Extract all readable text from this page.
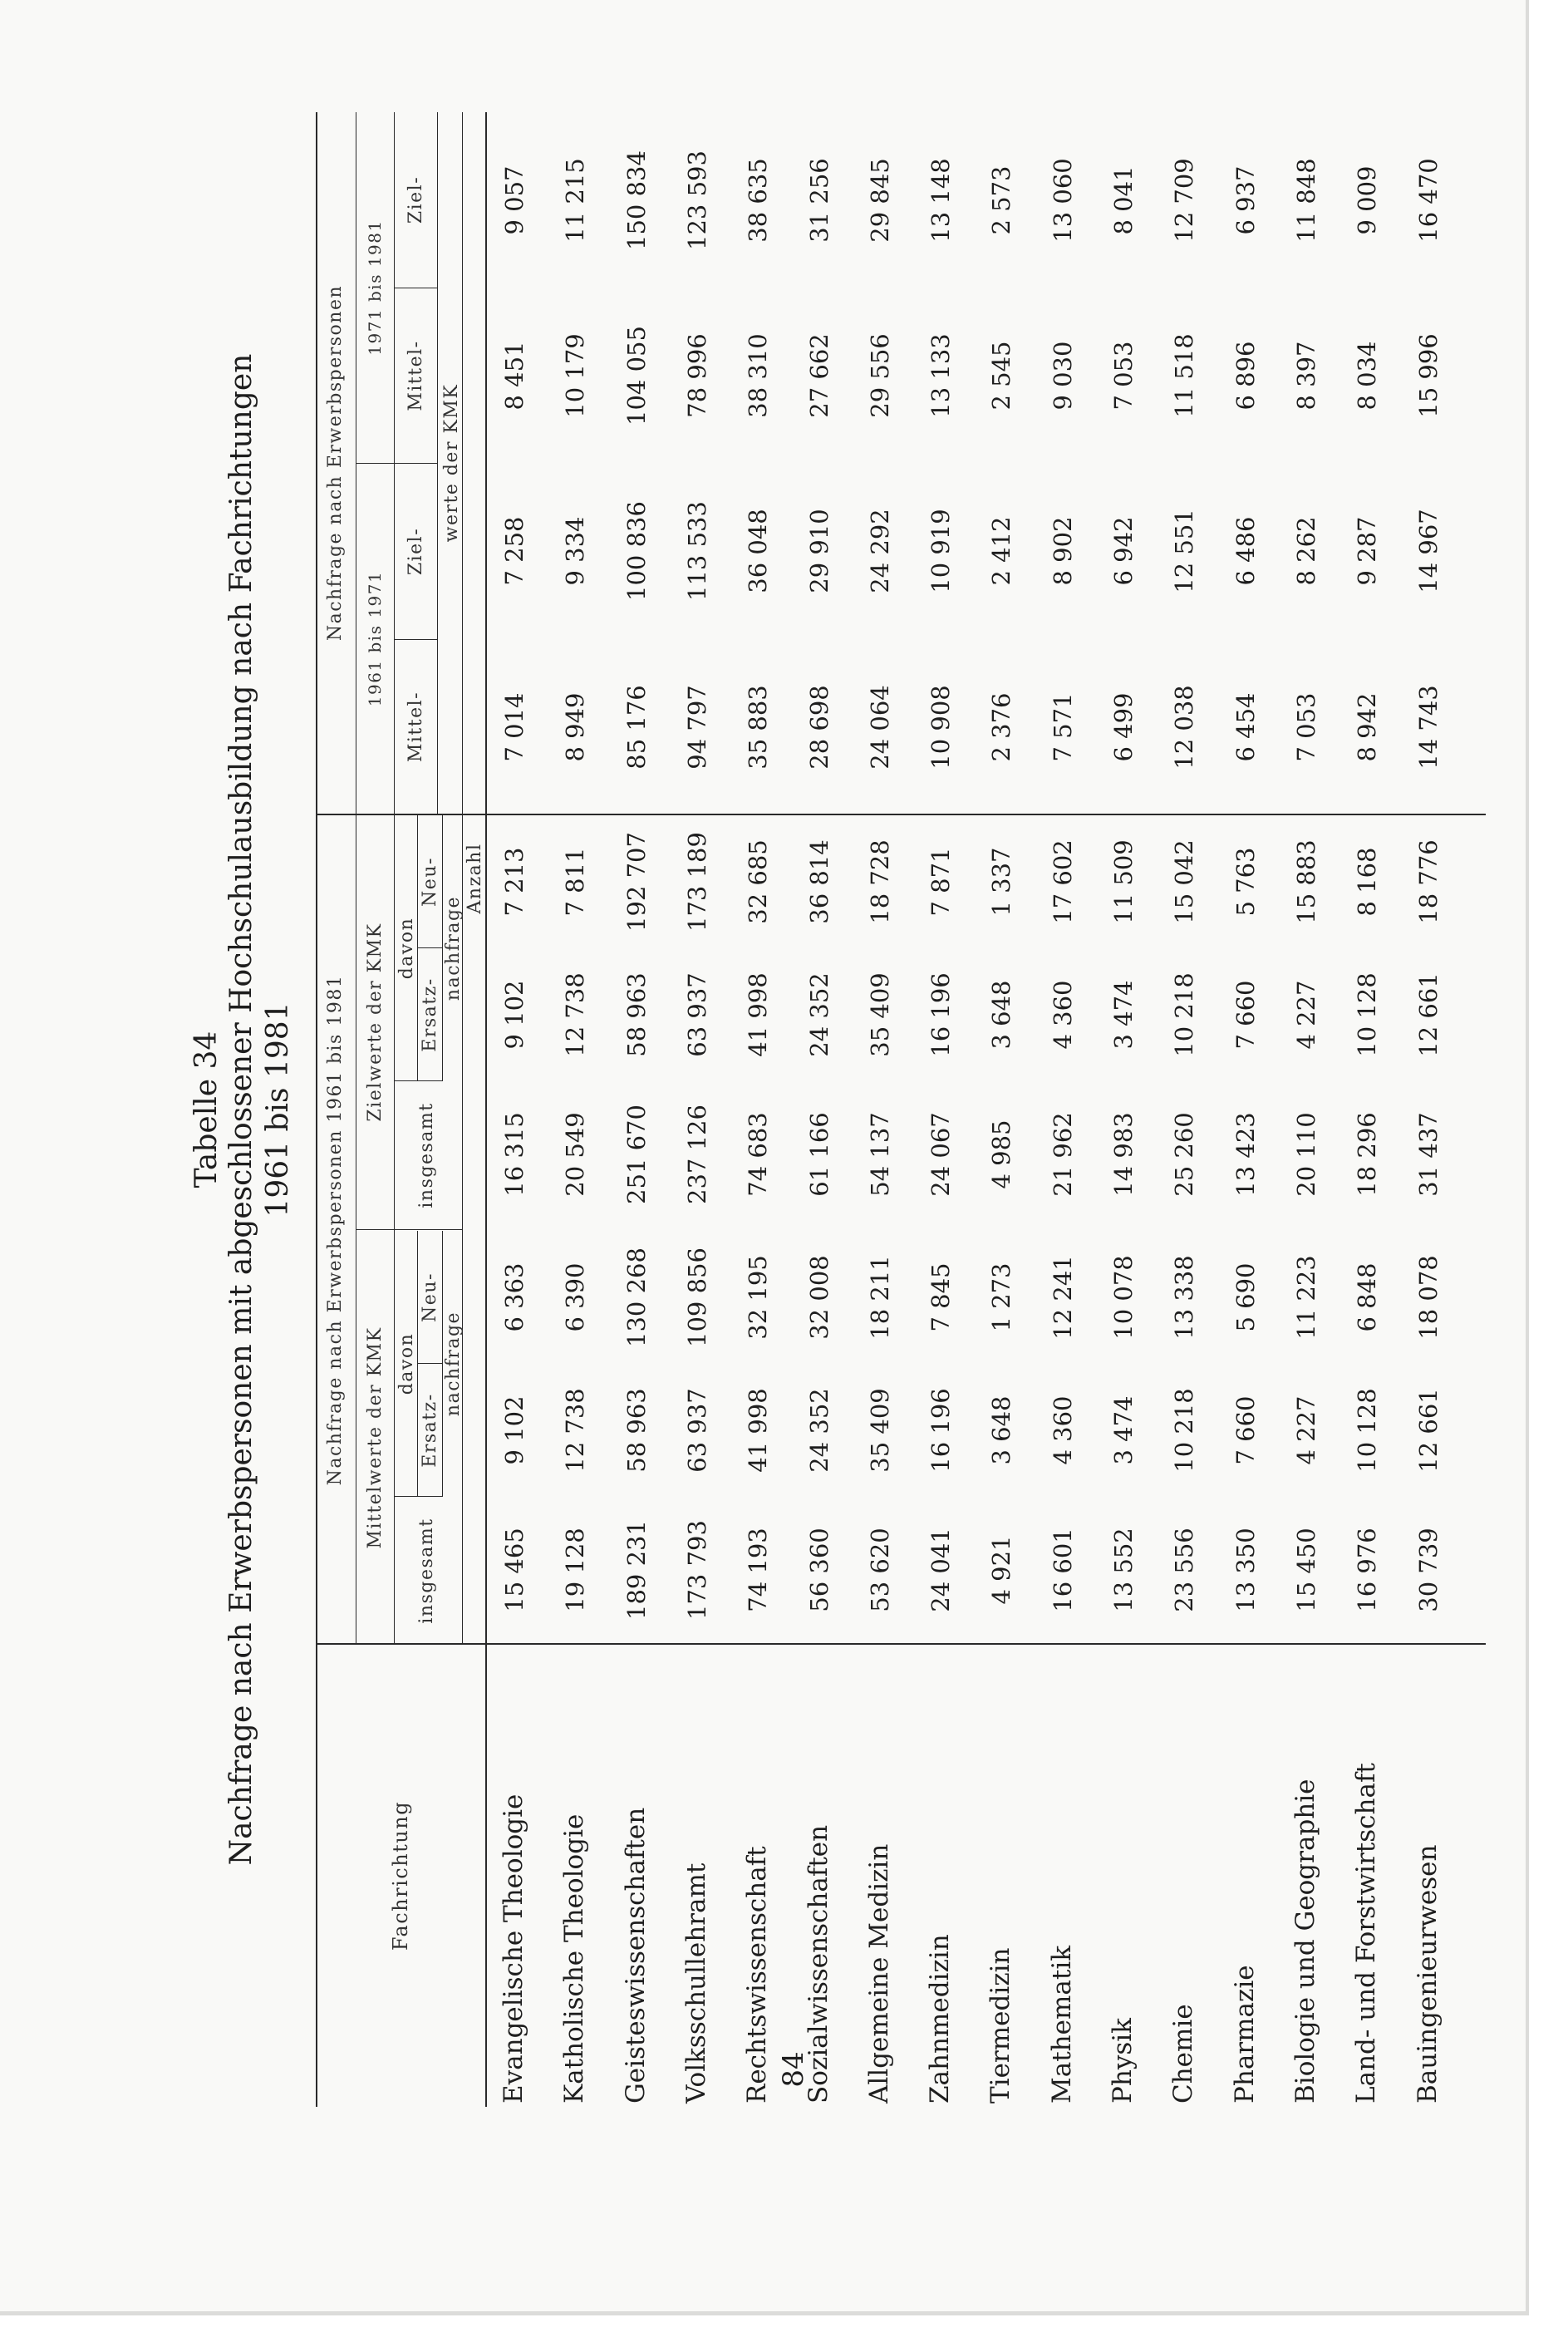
84
Tabelle 34 Nachfrage nach Erwerbspersonen mit abgeschlossener Hochschulausbildung nach Fachrichtungen 1961 bis 1981
Fachrichtung
Nachfrage nach Erwerbspersonen 1961 bis 1981
Nachfrage nach Erwerbspersonen
Mittelwerte der KMK
Zielwerte der KMK
1961 bis 1971
1971 bis 1981
insgesamt
insgesamt
davon
davon
Ersatz-
Neu-
Ersatz-
Neu-
nachfrage
nachfrage
Mittel-
Ziel-
Mittel-
Ziel-
werte der KMK
Anzahl
Evangelische Theologie
15 465
9 102
6 363
16 315
9 102
7 213
7 014
7 258
8 451
9 057
Katholische Theologie
19 128
12 738
6 390
20 549
12 738
7 811
8 949
9 334
10 179
11 215
Geisteswissenschaften
189 231
58 963
130 268
251 670
58 963
192 707
85 176
100 836
104 055
150 834
Volksschullehramt
173 793
63 937
109 856
237 126
63 937
173 189
94 797
113 533
78 996
123 593
Rechtswissenschaft
74 193
41 998
32 195
74 683
41 998
32 685
35 883
36 048
38 310
38 635
Sozialwissenschaften
56 360
24 352
32 008
61 166
24 352
36 814
28 698
29 910
27 662
31 256
Allgemeine Medizin
53 620
35 409
18 211
54 137
35 409
18 728
24 064
24 292
29 556
29 845
Zahnmedizin
24 041
16 196
7 845
24 067
16 196
7 871
10 908
10 919
13 133
13 148
Tiermedizin
4 921
3 648
1 273
4 985
3 648
1 337
2 376
2 412
2 545
2 573
Mathematik
16 601
4 360
12 241
21 962
4 360
17 602
7 571
8 902
9 030
13 060
Physik
13 552
3 474
10 078
14 983
3 474
11 509
6 499
6 942
7 053
8 041
Chemie
23 556
10 218
13 338
25 260
10 218
15 042
12 038
12 551
11 518
12 709
Pharmazie
13 350
7 660
5 690
13 423
7 660
5 763
6 454
6 486
6 896
6 937
Biologie und Geographie
15 450
4 227
11 223
20 110
4 227
15 883
7 053
8 262
8 397
11 848
Land- und Forstwirtschaft
16 976
10 128
6 848
18 296
10 128
8 168
8 942
9 287
8 034
9 009
Bauingenieurwesen
30 739
12 661
18 078
31 437
12 661
18 776
14 743
14 967
15 996
16 470
